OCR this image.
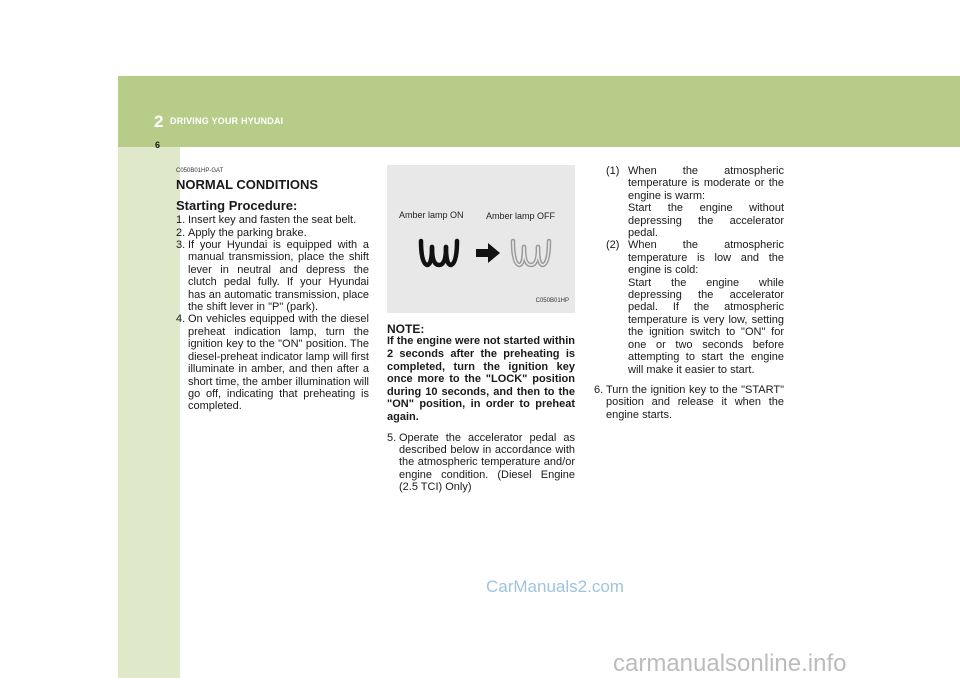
2 DRIVING YOUR HYUNDAI
6
C050B01HP-GAT
NORMAL CONDITIONS
Starting Procedure:
1. Insert key and fasten the seat belt.
2. Apply the parking brake.
3. If your Hyundai is equipped with a manual transmission, place the shift lever in neutral and depress the clutch pedal fully. If your Hyundai has an automatic transmission, place the shift lever in "P" (park).
4. On vehicles equipped with the diesel preheat indication lamp, turn the ignition key to the "ON" position. The diesel-preheat indicator lamp will first illuminate in amber, and then after a short time, the amber illumination will go off, indicating that preheating is completed.
Amber lamp ON Amber lamp OFF
C050B01HP
NOTE:
If the engine were not started within 2 seconds after the preheating is completed, turn the ignition key once more to the "LOCK" position during 10 seconds, and then to the "ON" position, in order to preheat again.
5. Operate the accelerator pedal as described below in accordance with the atmospheric temperature and/or engine condition. (Diesel Engine (2.5 TCI) Only)
(1) When the atmospheric temperature is moderate or the engine is warm:
Start the engine without depressing the accelerator pedal.
(2) When the atmospheric temperature is low and the engine is cold:
Start the engine while depressing the accelerator pedal. If the atmospheric temperature is very low, setting the ignition switch to "ON" for one or two seconds before attempting to start the engine will make it easier to start.
6. Turn the ignition key to the "START" position and release it when the engine starts.
CarManuals2.com
carmanualsonline.info
